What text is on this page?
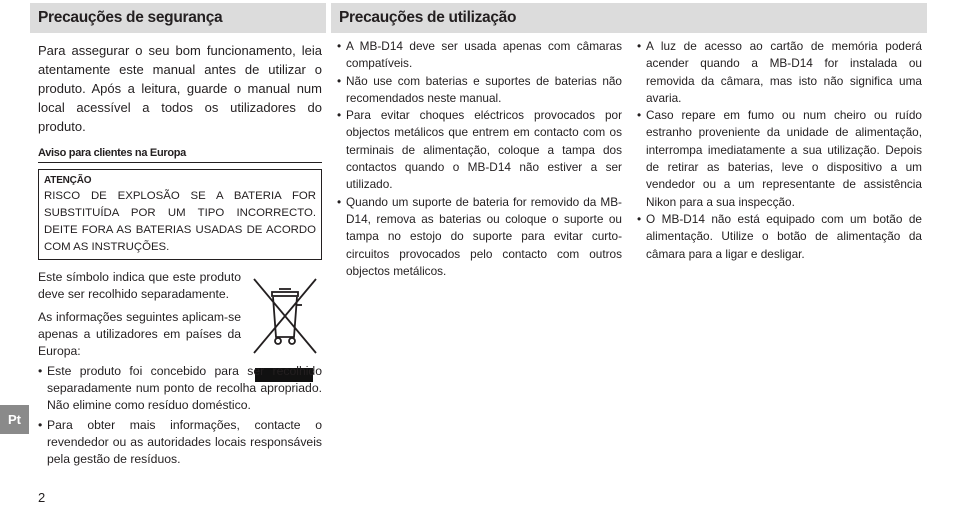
Precauções de segurança	Precauções de utilização

Para assegurar o seu bom funcionamento, leia atentamente este manual antes de utilizar o produto. Após a leitura, guarde o manual num local acessível a todos os utilizadores do produto.

Aviso para clientes na Europa
ATENÇÃO

RISCO DE EXPLOSÃO SE A BATERIA FOR SUBSTITUÍDA POR UM TIPO INCORRECTO. DEITE FORA AS BATERIAS USADAS DE ACORDO COM AS INSTRUÇÕES.

Este símbolo indica que este produto deve ser recolhido separadamente.

As informações seguintes aplicam-se apenas a utilizadores em países da Europa:

• Este produto foi concebido para ser recolhido separadamente num ponto de recolha apropriado. Não elimine como resíduo doméstico.
• Para obter mais informações, contacte o revendedor ou as autoridades locais responsáveis pela gestão de resíduos.
• A MB-D14 deve ser usada apenas com câmaras compatíveis.
• Não use com baterias e suportes de baterias não recomendados neste manual.
• Para evitar choques eléctricos provocados por objectos metálicos que entrem em contacto com os terminais de alimentação, coloque a tampa dos contactos quando o MB-D14 não estiver a ser utilizado.
• Quando um suporte de bateria for removido da MB-D14, remova as baterias ou coloque o suporte ou tampa no estojo do suporte para evitar curto-circuitos provocados pelo contacto com outros objectos metálicos.
• A luz de acesso ao cartão de memória poderá acender quando a MB-D14 for instalada ou removida da câmara, mas isto não significa uma avaria.
• Caso repare em fumo ou num cheiro ou ruído estranho proveniente da unidade de alimentação, interrompa imediatamente a sua utilização. Depois de retirar as baterias, leve o dispositivo a um vendedor ou a um representante de assistência Nikon para a sua inspecção.
• O MB-D14 não está equipado com um botão de alimentação. Utilize o botão de alimentação da câmara para a ligar e desligar.
Pt
2
